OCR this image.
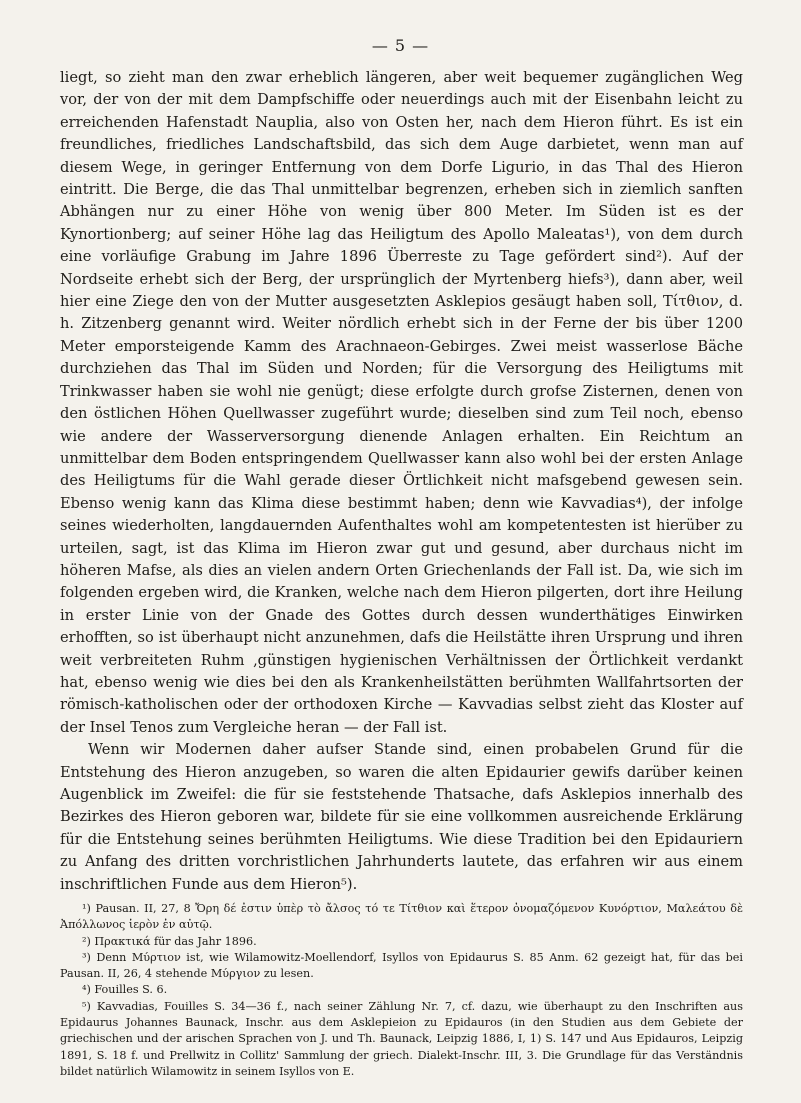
— 5 —

liegt, so zieht man den zwar erheblich längeren, aber weit bequemer zugänglichen Weg vor, der von der mit dem Dampfschiffe oder neuerdings auch mit der Eisenbahn leicht zu erreichenden Hafenstadt Nauplia, also von Osten her, nach dem Hieron führt. Es ist ein freundliches, friedliches Landschaftsbild, das sich dem Auge darbietet, wenn man auf diesem Wege, in geringer Entfernung von dem Dorfe Ligurio, in das Thal des Hieron eintritt. Die Berge, die das Thal unmittelbar begrenzen, erheben sich in ziemlich sanften Abhängen nur zu einer Höhe von wenig über 800 Meter. Im Süden ist es der Kynortionberg; auf seiner Höhe lag das Heiligtum des Apollo Maleatas¹), von dem durch eine vorläufige Grabung im Jahre 1896 Überreste zu Tage gefördert sind²). Auf der Nordseite erhebt sich der Berg, der ursprünglich der Myrtenberg hiefs³), dann aber, weil hier eine Ziege den von der Mutter ausgesetzten Asklepios gesäugt haben soll, Τίτθιον, d. h. Zitzenberg genannt wird. Weiter nördlich erhebt sich in der Ferne der bis über 1200 Meter emporsteigende Kamm des Arachnaeon-Gebirges. Zwei meist wasserlose Bäche durchziehen das Thal im Süden und Norden; für die Versorgung des Heiligtums mit Trinkwasser haben sie wohl nie genügt; diese erfolgte durch grofse Zisternen, denen von den östlichen Höhen Quellwasser zugeführt wurde; dieselben sind zum Teil noch, ebenso wie andere der Wasserversorgung dienende Anlagen erhalten. Ein Reichtum an unmittelbar dem Boden entspringendem Quellwasser kann also wohl bei der ersten Anlage des Heiligtums für die Wahl gerade dieser Örtlichkeit nicht mafsgebend gewesen sein. Ebenso wenig kann das Klima diese bestimmt haben; denn wie Kavvadias⁴), der infolge seines wiederholten, langdauernden Aufenthaltes wohl am kompetentesten ist hierüber zu urteilen, sagt, ist das Klima im Hieron zwar gut und gesund, aber durchaus nicht im höheren Mafse, als dies an vielen andern Orten Griechenlands der Fall ist. Da, wie sich im folgenden ergeben wird, die Kranken, welche nach dem Hieron pilgerten, dort ihre Heilung in erster Linie von der Gnade des Gottes durch dessen wunderthätiges Einwirken erhofften, so ist überhaupt nicht anzunehmen, dafs die Heilstätte ihren Ursprung und ihren weit verbreiteten Ruhm ‚günstigen hygienischen Verhältnissen der Örtlichkeit verdankt hat, ebenso wenig wie dies bei den als Krankenheilstätten berühmten Wallfahrtsorten der römisch-katholischen oder der orthodoxen Kirche — Kavvadias selbst zieht das Kloster auf der Insel Tenos zum Vergleiche heran — der Fall ist.

Wenn wir Modernen daher aufser Stande sind, einen probabelen Grund für die Entstehung des Hieron anzugeben, so waren die alten Epidaurier gewifs darüber keinen Augenblick im Zweifel: die für sie feststehende Thatsache, dafs Asklepios innerhalb des Bezirkes des Hieron geboren war, bildete für sie eine vollkommen ausreichende Erklärung für die Entstehung seines berühmten Heiligtums. Wie diese Tradition bei den Epidauriern zu Anfang des dritten vorchristlichen Jahrhunderts lautete, das erfahren wir aus einem inschriftlichen Funde aus dem Hieron⁵).

¹) Pausan. II, 27, 8 Ὄρη δέ ἐστιν ὑπὲρ τὸ ἄλσος τό τε Τίτθιον καὶ ἕτερον ὀνομαζόμενον Κυνόρτιον, Μαλεάτου δὲ Ἀπόλλωνος ἱερὸν ἐν αὐτῷ.

²) Πρακτικά für das Jahr 1896.

³) Denn Μύρτιον ist, wie Wilamowitz-Moellendorf, Isyllos von Epidaurus S. 85 Anm. 62 gezeigt hat, für das bei Pausan. II, 26, 4 stehende Μύργιον zu lesen.

⁴) Fouilles S. 6.

⁵) Kavvadias, Fouilles S. 34—36 f., nach seiner Zählung Nr. 7, cf. dazu, wie überhaupt zu den Inschriften aus Epidaurus Johannes Baunack, Inschr. aus dem Asklepieion zu Epidauros (in den Studien aus dem Gebiete der griechischen und der arischen Sprachen von J. und Th. Baunack, Leipzig 1886, I, 1) S. 147 und Aus Epidauros, Leipzig 1891, S. 18 f. und Prellwitz in Collitz' Sammlung der griech. Dialekt-Inschr. III, 3. Die Grundlage für das Verständnis bildet natürlich Wilamowitz in seinem Isyllos von E.
